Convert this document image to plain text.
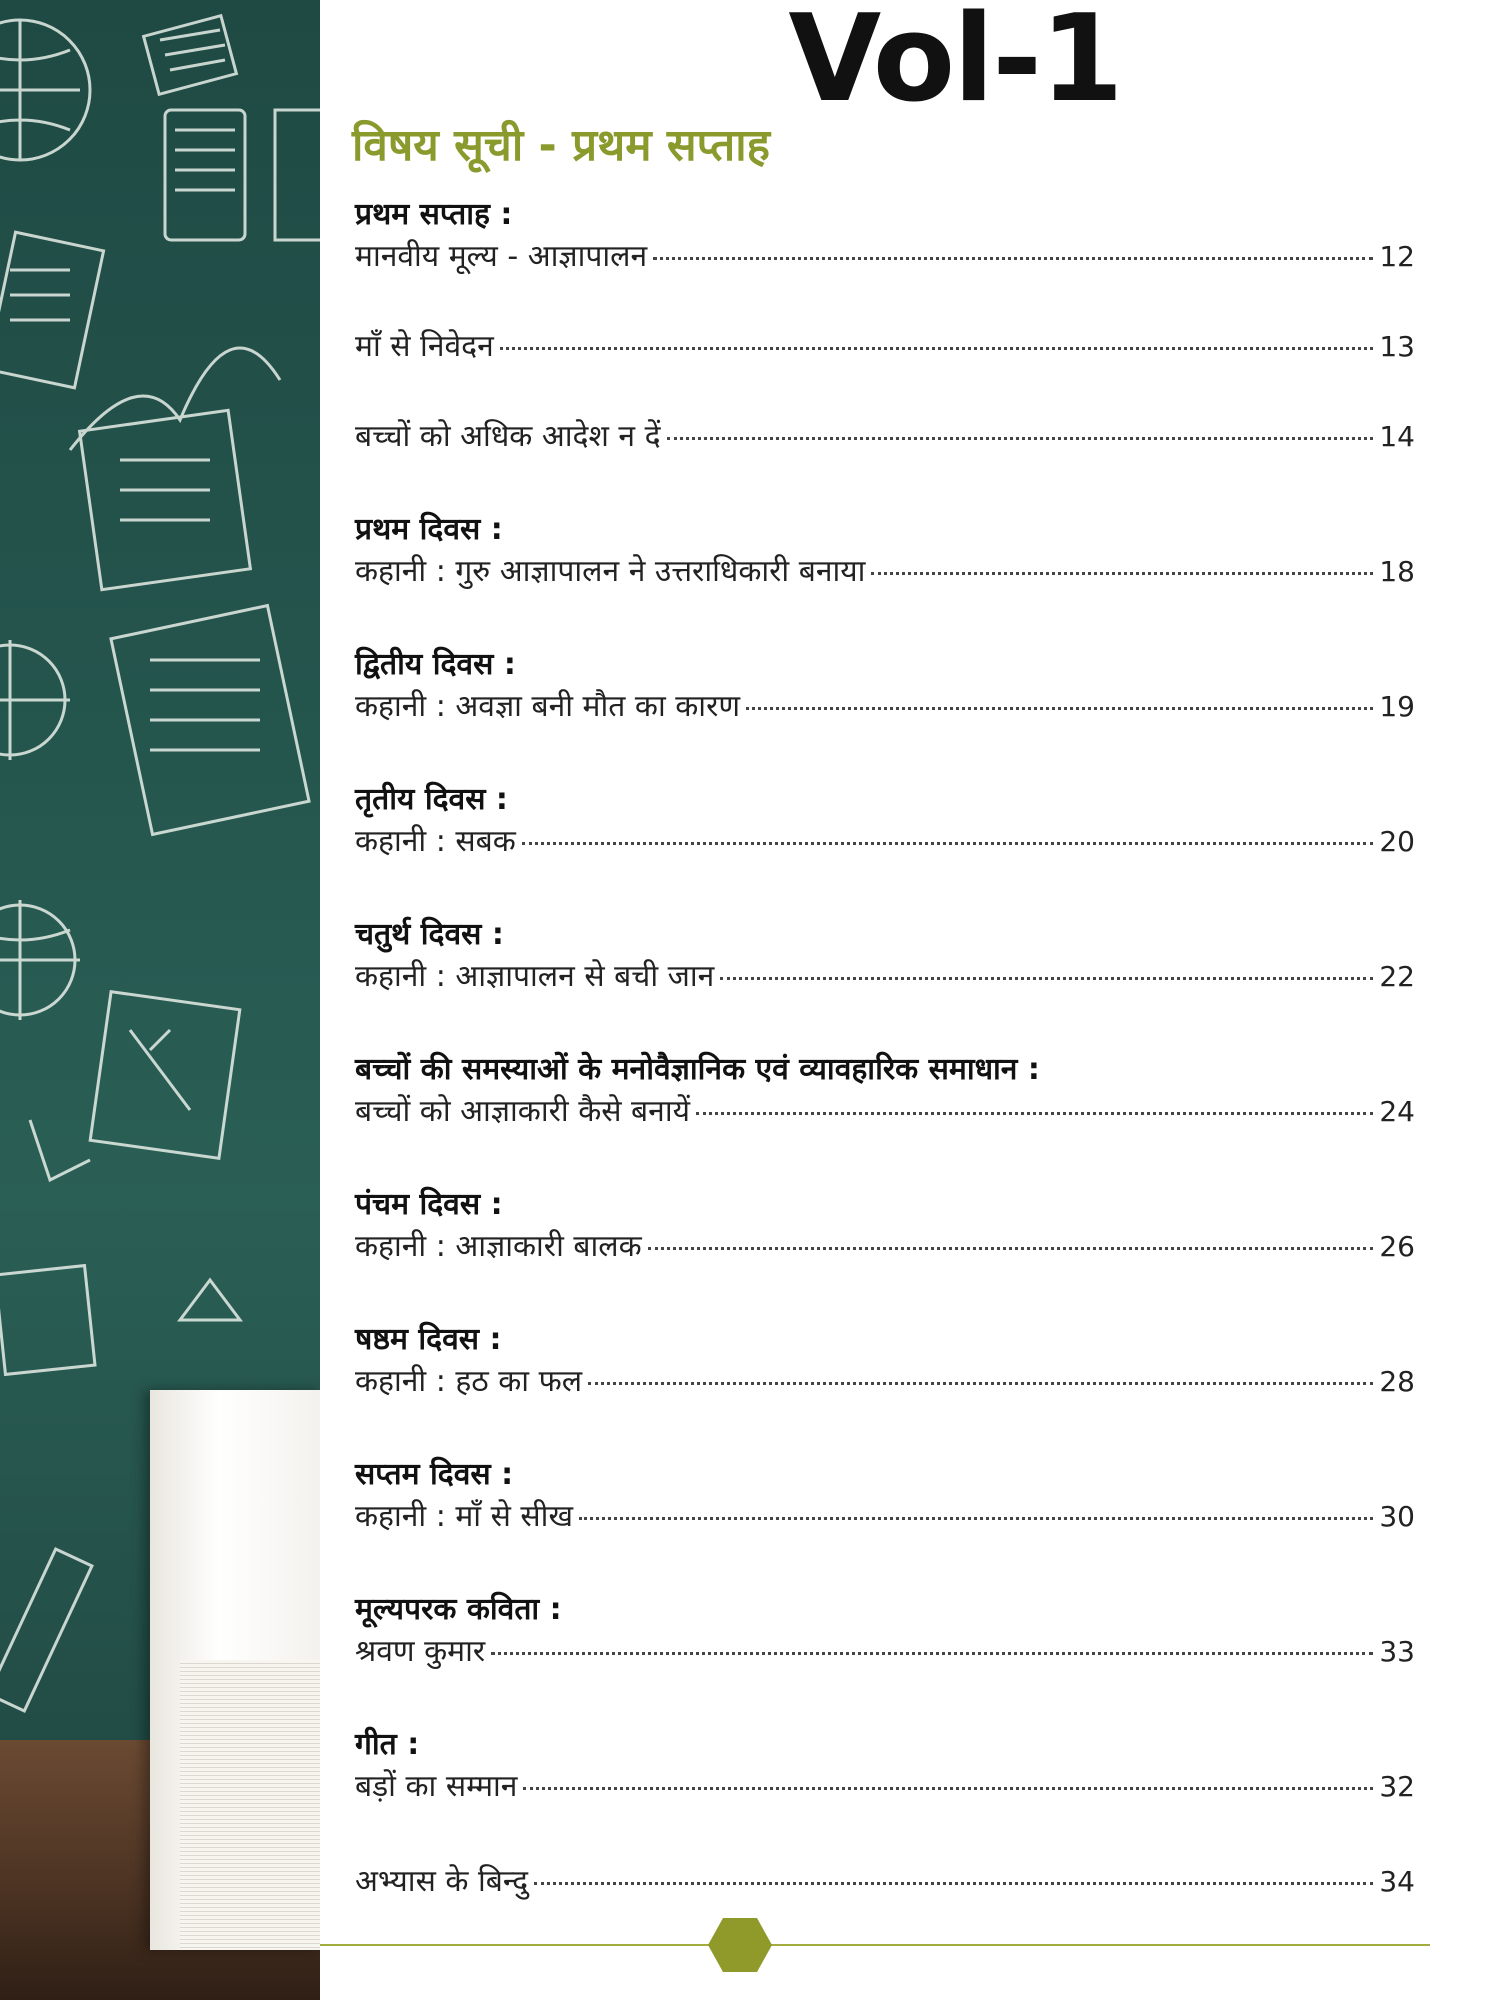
Vol-1
विषय सूची - प्रथम सप्ताह
प्रथम सप्ताह :
मानवीय मूल्य - आज्ञापालन	12
माँ से निवेदन	13
बच्चों को अधिक आदेश न दें	14
प्रथम दिवस :
कहानी : गुरु आज्ञापालन ने उत्तराधिकारी बनाया	18
द्वितीय दिवस :
कहानी : अवज्ञा बनी मौत का कारण	19
तृतीय दिवस :
कहानी : सबक	20
चतुर्थ दिवस :
कहानी : आज्ञापालन से बची जान	22
बच्चों की समस्याओं के मनोवैज्ञानिक एवं व्यावहारिक समाधान :
बच्चों को आज्ञाकारी कैसे बनायें	24
पंचम दिवस :
कहानी : आज्ञाकारी बालक	26
षष्ठम दिवस :
कहानी : हठ का फल	28
सप्तम दिवस :
कहानी : माँ से सीख	30
मूल्यपरक कविता :
श्रवण कुमार	33
गीत :
बड़ों का सम्मान	32
अभ्यास के बिन्दु	34
